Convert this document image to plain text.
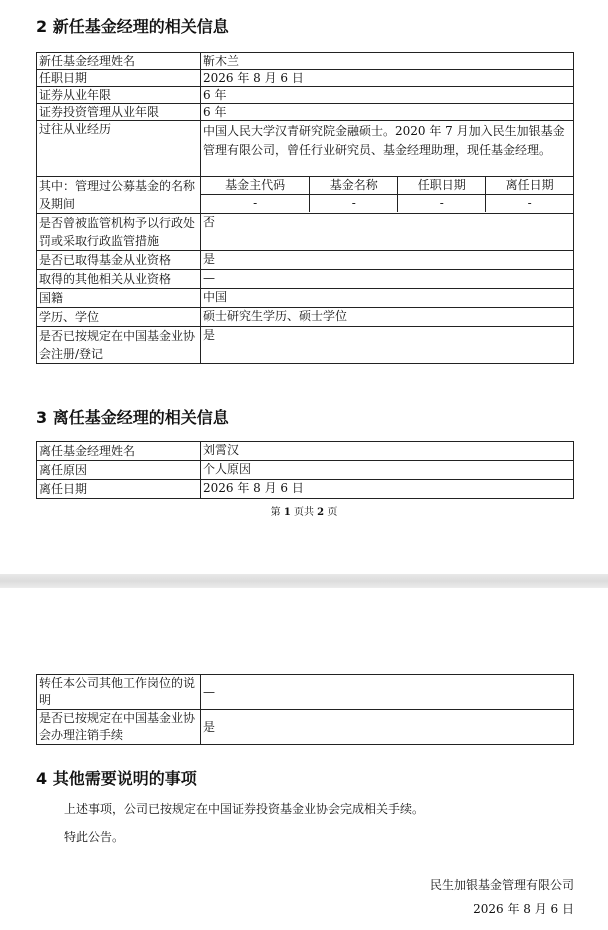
2 新任基金经理的相关信息
新任基金经理姓名	靳木兰
任职日期	2026 年 8 月 6 日
证券从业年限	6 年
证券投资管理从业年限	6 年
过往从业经历	中国人民大学汉青研究院金融硕士。2020 年 7 月加入民生加银基金管理有限公司，曾任行业研究员、基金经理助理，现任基金经理。
其中：管理过公募基金的名称及期间	
基金主代码	基金名称	任职日期	离任日期
-	-	-	-

是否曾被监管机构予以行政处罚或采取行政监管措施	否
是否已取得基金从业资格	是
取得的其他相关从业资格	—
国籍	中国
学历、学位	硕士研究生学历、硕士学位
是否已按规定在中国基金业协会注册/登记	是
3 离任基金经理的相关信息
离任基金经理姓名	刘霄汉
离任原因	个人原因
离任日期	2026 年 8 月 6 日
第 1 页共 2 页
转任本公司其他工作岗位的说明	—
是否已按规定在中国基金业协会办理注销手续	是
4 其他需要说明的事项

上述事项，公司已按规定在中国证券投资基金业协会完成相关手续。

特此公告。

民生加银基金管理有限公司
2026 年 8 月 6 日
